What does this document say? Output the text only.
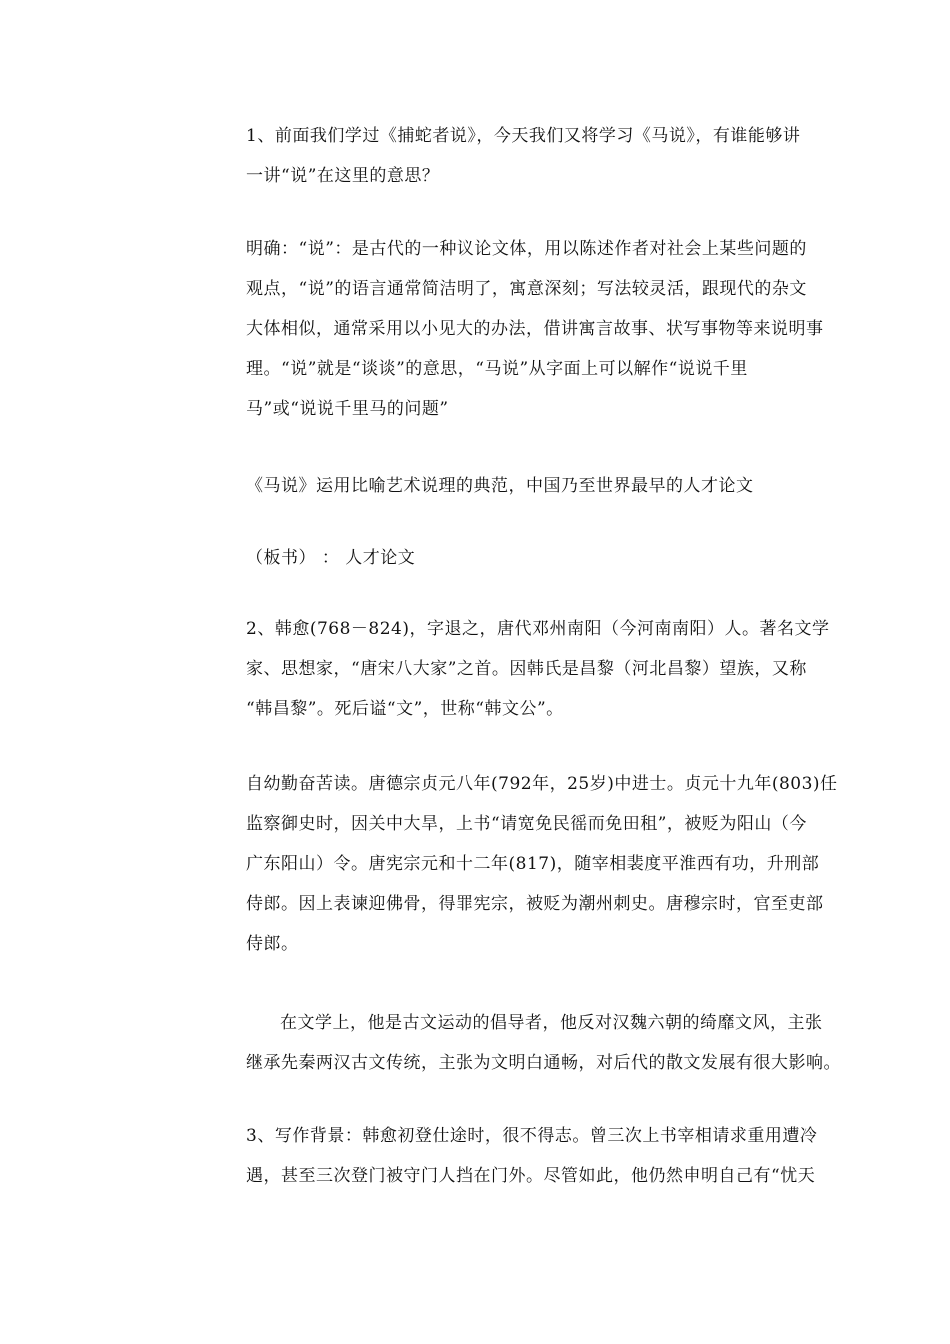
1、前面我们学过《捕蛇者说》，今天我们又将学习《马说》，有谁能够讲
一讲“说”在这里的意思？
明确：“说”：是古代的一种议论文体，用以陈述作者对社会上某些问题的
观点，“说”的语言通常简洁明了，寓意深刻；写法较灵活，跟现代的杂文
大体相似，通常采用以小见大的办法，借讲寓言故事、状写事物等来说明事
理。“说”就是“谈谈”的意思，“马说”从字面上可以解作“说说千里
马”或“说说千里马的问题”
《马说》运用比喻艺术说理的典范，中国乃至世界最早的人才论文
（板书） ： 人才论文
2、韩愈(768－824)，字退之，唐代邓州南阳（今河南南阳）人。著名文学
家、思想家，“唐宋八大家”之首。因韩氏是昌黎（河北昌黎）望族，又称
“韩昌黎”。死后谥“文”，世称“韩文公”。
自幼勤奋苦读。唐德宗贞元八年(792年，25岁)中进士。贞元十九年(803)任
监察御史时，因关中大旱，上书“请宽免民徭而免田租”，被贬为阳山（今
广东阳山）令。唐宪宗元和十二年(817)，随宰相裴度平淮西有功，升刑部
侍郎。因上表谏迎佛骨，得罪宪宗，被贬为潮州刺史。唐穆宗时，官至吏部
侍郎。
在文学上，他是古文运动的倡导者，他反对汉魏六朝的绮靡文风，主张
继承先秦两汉古文传统，主张为文明白通畅，对后代的散文发展有很大影响。
3、写作背景：韩愈初登仕途时，很不得志。曾三次上书宰相请求重用遭冷
遇，甚至三次登门被守门人挡在门外。尽管如此，他仍然申明自己有“忧天
